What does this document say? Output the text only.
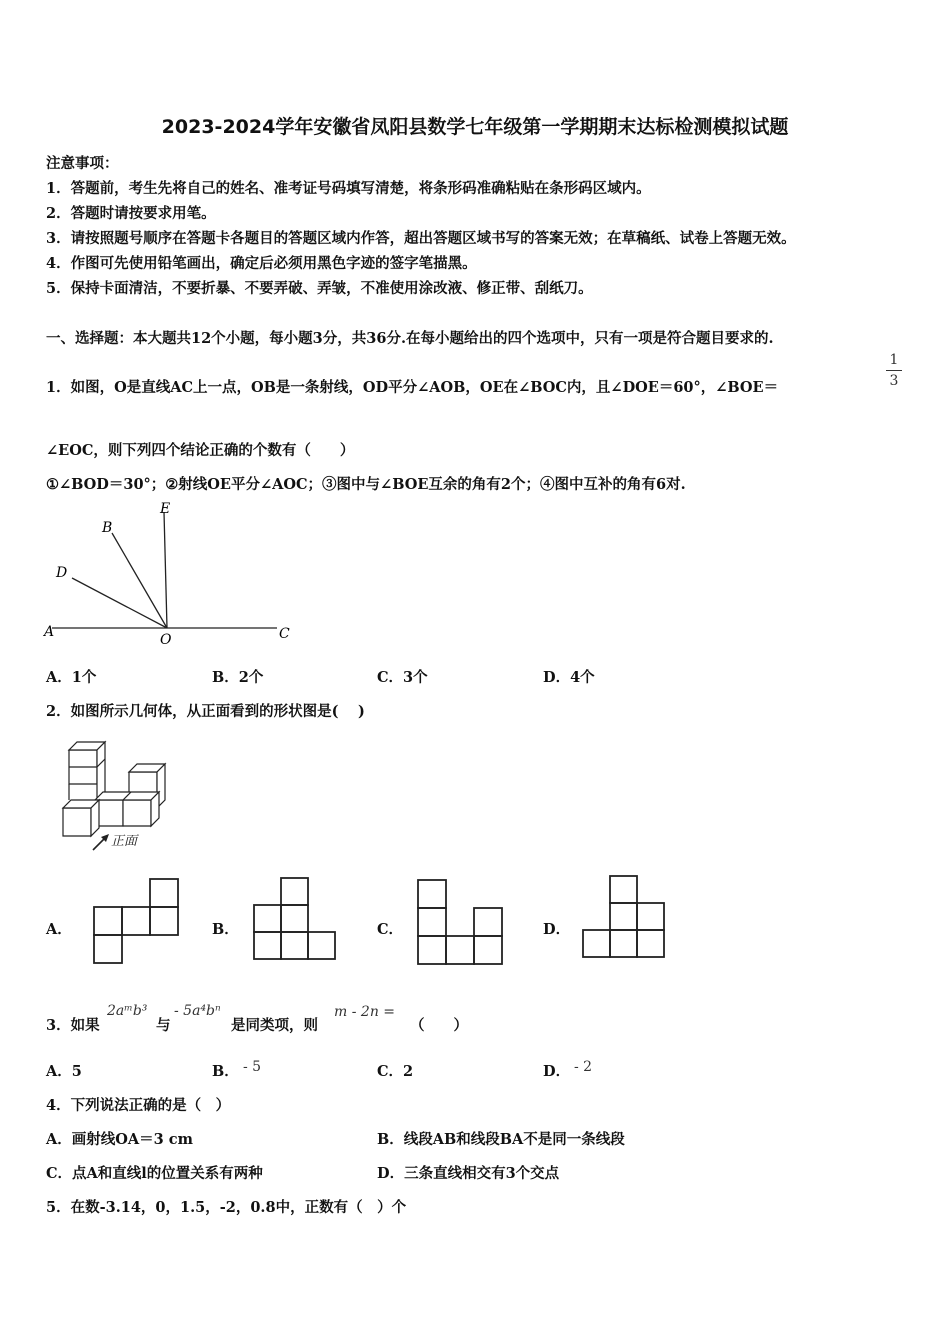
2023-2024学年安徽省凤阳县数学七年级第一学期期末达标检测模拟试题
注意事项：
1．答题前，考生先将自己的姓名、准考证号码填写清楚，将条形码准确粘贴在条形码区域内。
2．答题时请按要求用笔。
3．请按照题号顺序在答题卡各题目的答题区域内作答，超出答题区域书写的答案无效；在草稿纸、试卷上答题无效。
4．作图可先使用铅笔画出，确定后必须用黑色字迹的签字笔描黑。
5．保持卡面清洁，不要折暴、不要弄破、弄皱，不准使用涂改液、修正带、刮纸刀。
一、选择题：本大题共12个小题，每小题3分，共36分.在每小题给出的四个选项中，只有一项是符合题目要求的.
1．如图，O是直线AC上一点，OB是一条射线，OD平分∠AOB，OE在∠BOC内，且∠DOE＝60°，∠BOE＝
1
3
∠EOC，则下列四个结论正确的个数有（　　）
①∠BOD＝30°；②射线OE平分∠AOC；③图中与∠BOE互余的角有2个；④图中互补的角有6对.
A
B
C
D
E
O
A．1个	B．2个	C．3个	D．4个
2．如图所示几何体，从正面看到的形状图是(　 )
正面
A．	B．	C．	D．
3．如果
2aᵐb³
与
- 5a⁴bⁿ
是同类项，则
m - 2n =
（　　）
A．5	B． - 5	C．2	D． - 2
4．下列说法正确的是（　）
A．画射线OA＝3 cm	B．线段AB和线段BA不是同一条线段
C．点A和直线l的位置关系有两种	D．三条直线相交有3个交点
5．在数-3.14，0，1.5，-2，0.8中，正数有（　）个
